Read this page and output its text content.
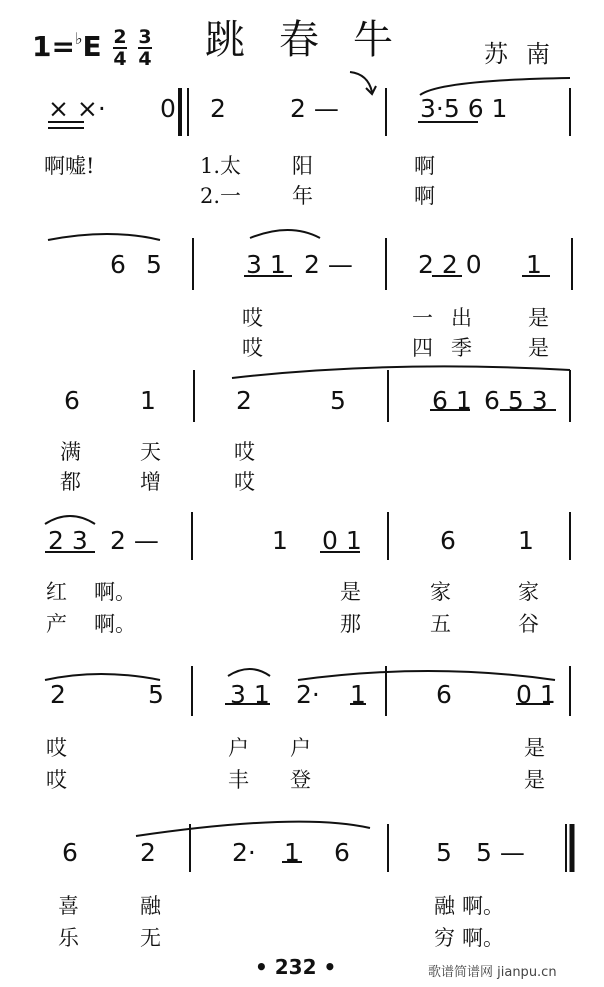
$1=^♭E \frac{2}{4}$
$\frac{3}{4}$ 跳春牛 苏南
× ×· 0 2	2 —	3·5 6 1
啊嘘!	1.太 阳	啊
2.一 年	啊
6 5	3 1 2 —	2 2 0 1
哎	一出 是
哎	四季 是
6 1	2	5	6 1 6 5 3
满	天	哎
都	增	哎
2 3 2 —	1 0 1	6 1
红 啊。	是	家	家
产 啊。	那	五	谷
2	5	3 1 2· 1	6	0 1
哎	户 户	是
哎	丰 登	是
6 2	2· 1 6	5 5 —
喜	融	融 啊。
乐	无	穷 啊。
• 232 •	歌谱简谱网 jianpu.cn
